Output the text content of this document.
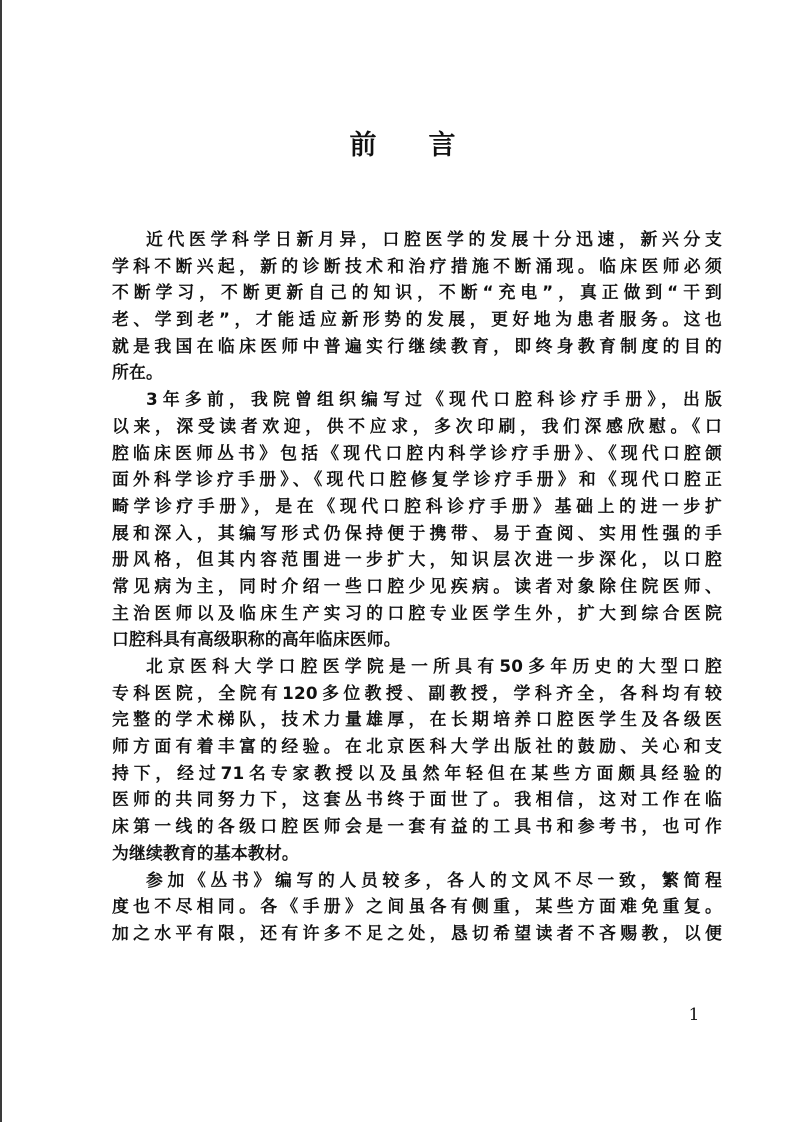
前 言
近代医学科学日新月异，口腔医学的发展十分迅速，新兴分支
学科不断兴起，新的诊断技术和治疗措施不断涌现。临床医师必须
不断学习，不断更新自己的知识，不断“充电”，真正做到“干到
老、学到老”，才能适应新形势的发展，更好地为患者服务。这也
就是我国在临床医师中普遍实行继续教育，即终身教育制度的目的
所在。
3年多前，我院曾组织编写过《现代口腔科诊疗手册》，出版
以来，深受读者欢迎，供不应求，多次印刷，我们深感欣慰。《口
腔临床医师丛书》包括《现代口腔内科学诊疗手册》、《现代口腔颌
面外科学诊疗手册》、《现代口腔修复学诊疗手册》和《现代口腔正
畸学诊疗手册》，是在《现代口腔科诊疗手册》基础上的进一步扩
展和深入，其编写形式仍保持便于携带、易于查阅、实用性强的手
册风格，但其内容范围进一步扩大，知识层次进一步深化，以口腔
常见病为主，同时介绍一些口腔少见疾病。读者对象除住院医师、
主治医师以及临床生产实习的口腔专业医学生外，扩大到综合医院
口腔科具有高级职称的高年临床医师。
北京医科大学口腔医学院是一所具有50多年历史的大型口腔
专科医院，全院有120多位教授、副教授，学科齐全，各科均有较
完整的学术梯队，技术力量雄厚，在长期培养口腔医学生及各级医
师方面有着丰富的经验。在北京医科大学出版社的鼓励、关心和支
持下，经过71名专家教授以及虽然年轻但在某些方面颇具经验的
医师的共同努力下，这套丛书终于面世了。我相信，这对工作在临
床第一线的各级口腔医师会是一套有益的工具书和参考书，也可作
为继续教育的基本教材。
参加《丛书》编写的人员较多，各人的文风不尽一致，繁简程
度也不尽相同。各《手册》之间虽各有侧重，某些方面难免重复。
加之水平有限，还有许多不足之处，恳切希望读者不吝赐教，以便
1
